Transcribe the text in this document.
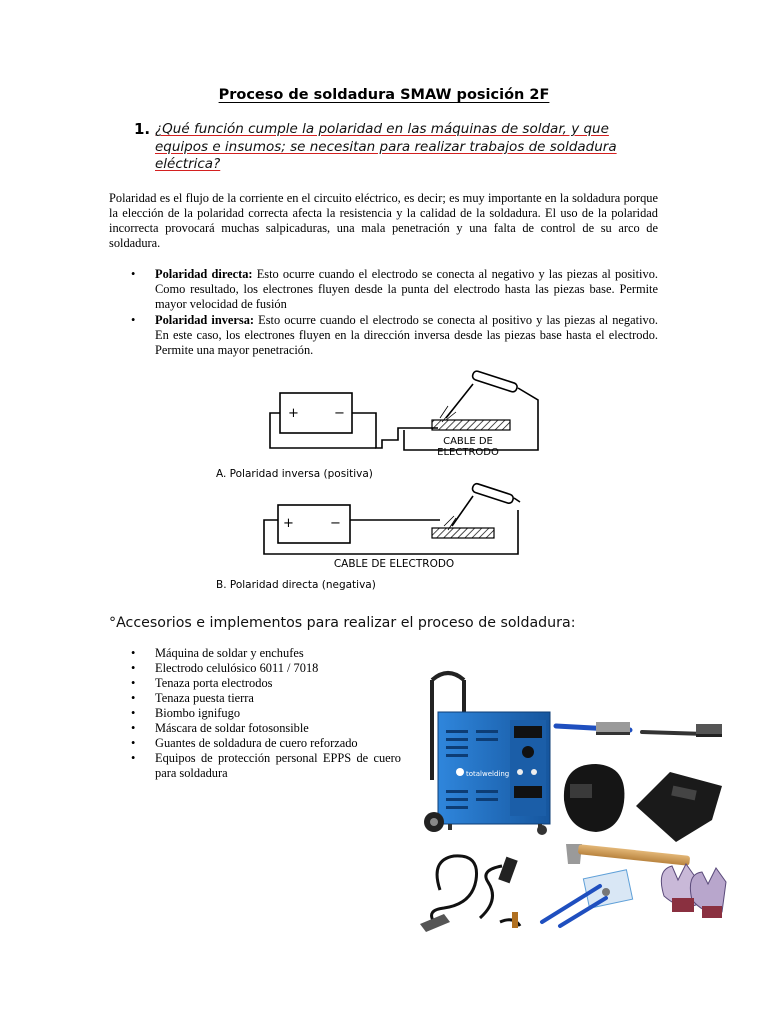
Proceso de soldadura SMAW posición 2F
1. ¿Qué función cumple la polaridad en las máquinas de soldar, y que
equipos e insumos; se necesitan para realizar trabajos de soldadura
eléctrica?
Polaridad es el flujo de la corriente en el circuito eléctrico, es decir; es muy importante en la soldadura porque la elección de la polaridad correcta afecta la resistencia y la calidad de la soldadura. El uso de la polaridad incorrecta provocará muchas salpicaduras, una mala penetración y una falta de control de su arco de soldadura.
• Polaridad directa: Esto ocurre cuando el electrodo se conecta al negativo y las piezas al positivo. Como resultado, los electrones fluyen desde la punta del electrodo hasta las piezas base. Permite mayor velocidad de fusión
• Polaridad inversa: Esto ocurre cuando el electrodo se conecta al positivo y las piezas al negativo. En este caso, los electrones fluyen en la dirección inversa desde las piezas base hasta el electrodo. Permite una mayor penetración.
+	−
CABLE DE
ELECTRODO
A. Polaridad inversa (positiva)
+	−
CABLE DE ELECTRODO
B. Polaridad directa (negativa)
°Accesorios e implementos para realizar el proceso de soldadura:
• Máquina de soldar y enchufes
• Electrodo celulósico 6011 / 7018
• Tenaza porta electrodos
• Tenaza puesta tierra
• Biombo ignifugo
• Máscara de soldar fotosonsible
• Guantes de soldadura de cuero reforzado
• Equipos de protección personal EPPS de cuero para soldadura	totalwelding
